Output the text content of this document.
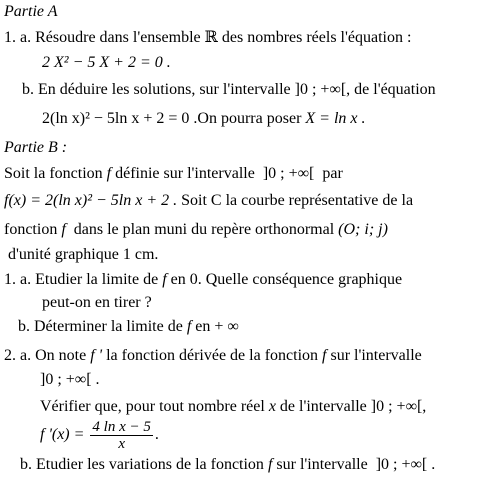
Partie A
1. a. Résoudre dans l'ensemble ℝ des nombres réels l'équation :
2 X² − 5 X + 2 = 0 .
b. En déduire les solutions, sur l'intervalle ]0 ; +∞[, de l'équation
2(ln x)² − 5ln x + 2 = 0 .On pourra poser X = ln x .
Partie B :
Soit la fonction f définie sur l'intervalle ]0 ; +∞[ par
f(x) = 2(ln x)² − 5ln x + 2 . Soit C la courbe représentative de la
fonction f dans le plan muni du repère orthonormal (O; i; j)
d'unité graphique 1 cm.
1. a. Etudier la limite de f en 0. Quelle conséquence graphique
peut-on en tirer ?
b. Déterminer la limite de f en + ∞
2. a. On note f ' la fonction dérivée de la fonction f sur l'intervalle
]0 ; +∞[ .
Vérifier que, pour tout nombre réel x de l'intervalle ]0 ; +∞[,
f '$(x) = \frac{\text{4 ln x − 5}}{x}$ .
b. Etudier les variations de la fonction f sur l'intervalle ]0 ; +∞[ .
